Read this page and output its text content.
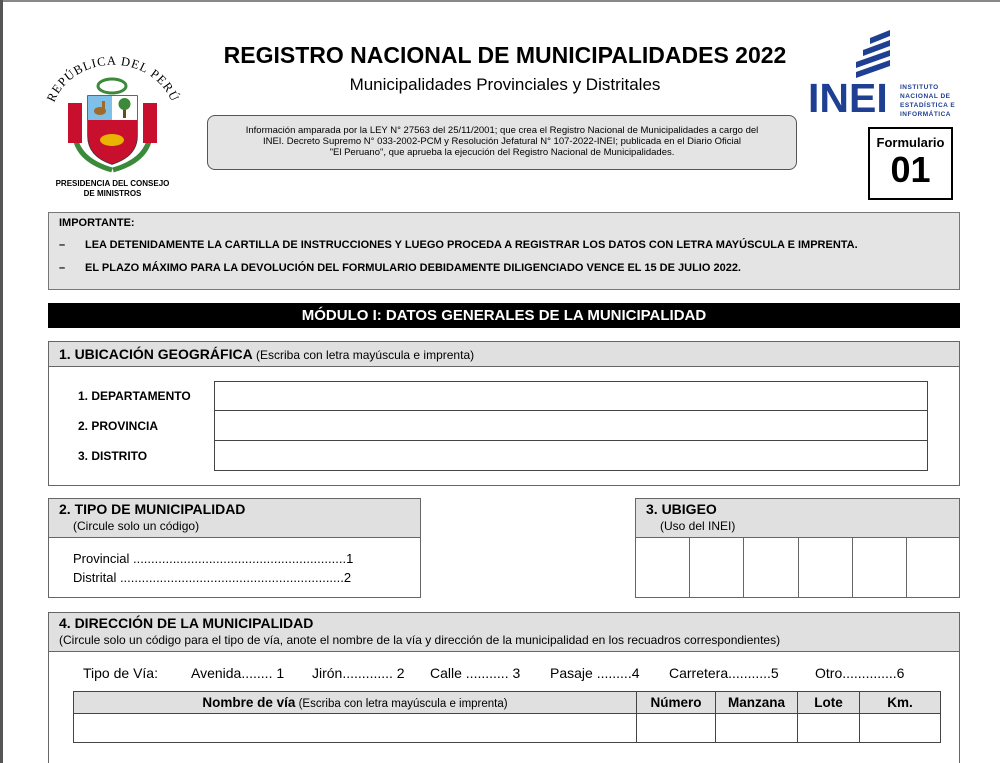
REPÚBLICA DEL PERÚ
PRESIDENCIA DEL CONSEJO
DE MINISTROS
REGISTRO NACIONAL DE MUNICIPALIDADES 2022
Municipalidades Provinciales y Distritales
Información amparada por la LEY N° 27563 del 25/11/2001; que crea el Registro Nacional de Municipalidades a cargo del
INEI. Decreto Supremo N° 033-2002-PCM y Resolución Jefatural N° 107-2022-INEI; publicada en el Diario Oficial
"El Peruano", que aprueba la ejecución del Registro Nacional de Municipalidades.
INEI INSTITUTO
NACIONAL DE
ESTADÍSTICA E
INFORMÁTICA
Formulario
01
IMPORTANTE:
– LEA DETENIDAMENTE LA CARTILLA DE INSTRUCCIONES Y LUEGO PROCEDA A REGISTRAR LOS DATOS CON LETRA MAYÚSCULA E IMPRENTA.
– EL PLAZO MÁXIMO PARA LA DEVOLUCIÓN DEL FORMULARIO DEBIDAMENTE DILIGENCIADO VENCE EL 15 DE JULIO 2022.
MÓDULO I: DATOS GENERALES DE LA MUNICIPALIDAD
1. UBICACIÓN GEOGRÁFICA (Escriba con letra mayúscula e imprenta)
1. DEPARTAMENTO
2. PROVINCIA
3. DISTRITO
2. TIPO DE MUNICIPALIDAD
(Circule solo un código)
Provincial ...........................................................1
Distrital ..............................................................2
3. UBIGEO
(Uso del INEI)
4. DIRECCIÓN DE LA MUNICIPALIDAD
(Circule solo un código para el tipo de vía, anote el nombre de la vía y dirección de la municipalidad en los recuadros correspondientes)
Tipo de Vía: Avenida........ 1 Jirón............. 2 Calle ........... 3 Pasaje .........4 Carretera...........5	Otro..............6
Nombre de vía (Escriba con letra mayúscula e imprenta)	Número	Manzana	Lote	Km.
